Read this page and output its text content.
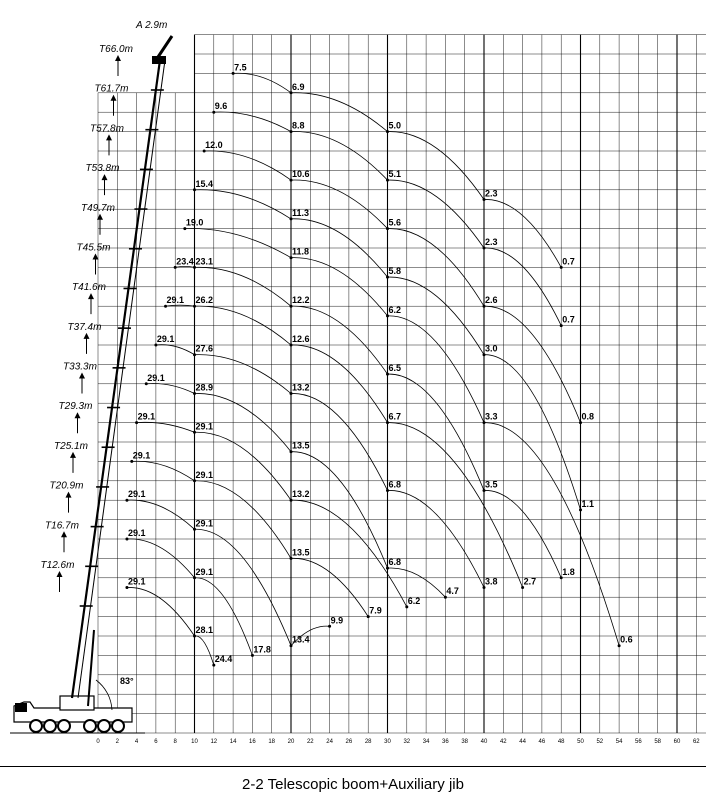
0	2	4	6	8 10 12 14 16 18 20 22 24 26 28 30 32 34 36 38 40 42 44 46 48 50 52 54 56 58 60 62
83°
A 2.9m
T66.0m
T61.7m
T57.8m
T53.8m
T49.7m
T45.5m
T41.6m
T37.4m
T33.3m
T29.3m
T25.1m
T20.9m
T16.7m
T12.6m
7.5
6.9
5.0
2.3
0.7
9.6
8.8
5.1
2.3
0.7
12.0
10.6
5.6
2.6
0.8
15.4
11.3
5.8
3.0
1.1
19.0
11.8
6.2
3.3
0.6
23.4 23.1
12.2
6.5
3.5
1.8
29.1 26.2
12.6
6.7
2.7
29.1
27.6
13.2
6.8
3.8
29.1
28.9
13.5
6.8
4.7
29.1
29.1
13.2
6.2
29.1
29.1
13.5
7.9
29.1
29.1
13.4
9.9
29.1
29.1
17.8
29.1
28.1
24.4
2-2 Telescopic boom+Auxiliary jib
